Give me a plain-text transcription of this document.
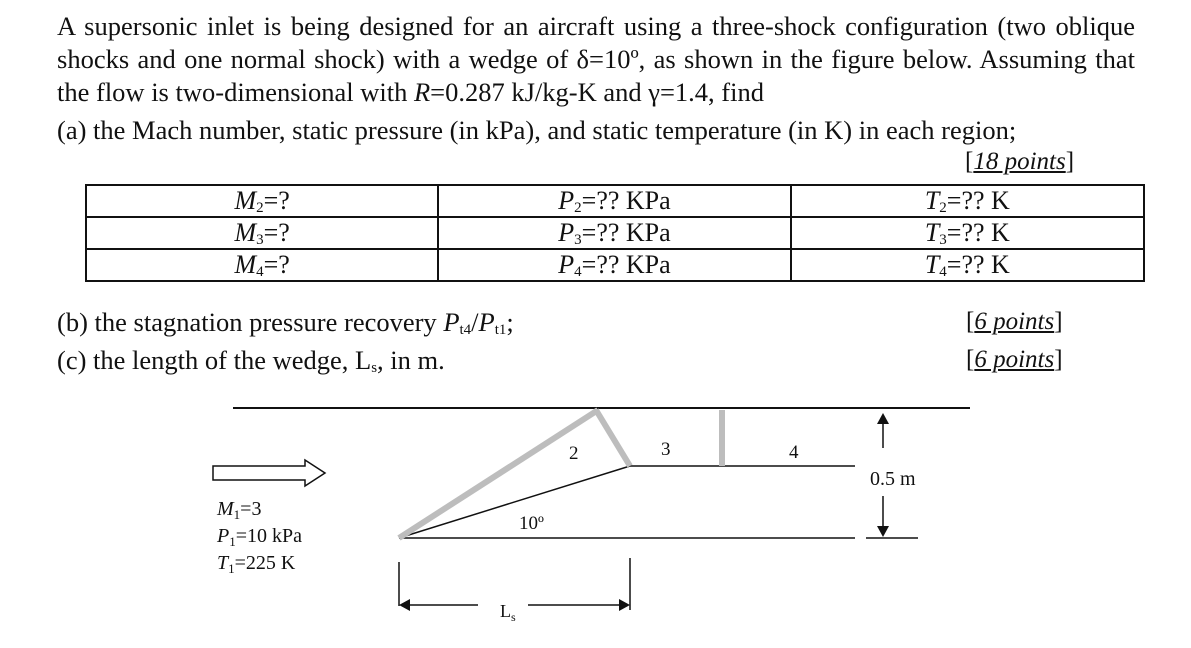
A supersonic inlet is being designed for an aircraft using a three-shock configuration (two oblique shocks and one normal shock) with a wedge of δ=10º, as shown in the figure below. Assuming that the flow is two-dimensional with R=0.287 kJ/kg-K and γ=1.4, find

(a) the Mach number, static pressure (in kPa), and static temperature (in K) in each region;
[ 18 points ]
$M_2=$?	$P_2=$?? KPa	$T_2=$?? K
$M_3=$?	$P_3=$?? KPa	$T_3=$?? K
$M_4=$?	$P_4=$?? KPa	$T_4=$?? K
(b) the stagnation pressure recovery $P_{t4}/P_{t1}$;	[ 6 points ]
(c) the length of the wedge, $L_s$, in m.	[ 6 points ]
2	3	4
10º
0.5 m
$M_1=3$
$P_1=10$ kPa
$T_1=225$ K
$L_s$
